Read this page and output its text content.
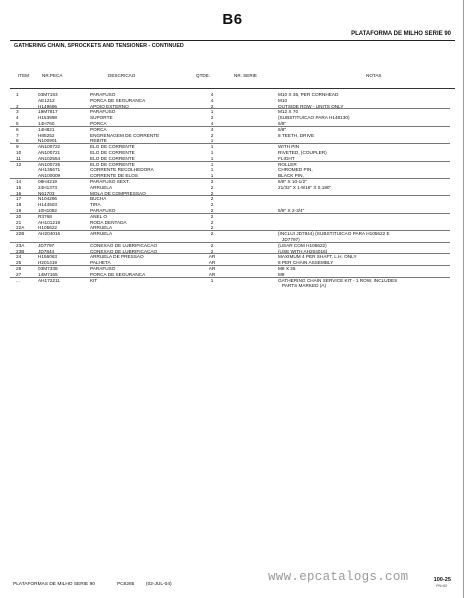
B6
PLATAFORMA DE MILHO SERIE 90
GATHERING CHAIN, SPROCKETS AND TENSIONER - CONTINUED
ITEM	NR.PECA	DESCRICAO	QTDE.	NR. SERIE	NOTAS
1	03M7193	PARAFUSO	4	M10 X 35, PER CORNHEAD
AE1212	PORCA DE SEGURANCA	4	M10
2	H149696	APOIO EXTERNO	2	OUTSIDE ROW - UNITS ONLY
3	19M7817	PARAFUSO	1	M12 X 70
4	H153898	SUPORTE	2	(SUBSTITUICAO PARA H148130)
5	14H760	PORCA	4	5/8"
6	14H821	PORCA	4	5/8"
7	H85252	ENGRENAGEM DE CORRENTE	2	8 TEETH, DRIVE
8	N100901	REBITE	1
9	AN100722	ELO DE CORRENTE	1	WITH PIN
10	AN100721	ELO DE CORRENTE	1	RIVETED, (COUPLER)
11	AN102554	ELO DE CORRENTE	1	FLIGHT
12	AN100725	ELO DE CORRENTE	1	ROLLER
AH136671	CORRENTE RECOLHEDORA	1	CHROMED PIN,
AN100009	CORRENTE DE ELOS	1	BLACK PIN,
14	08H4219	PARAFUSO SEXT.	2	5/8" X 10-1/2"
15	24H1373	ARRUELA	2	21/32" X 1-9/16" X 0.180"
16	N61703	MOLA DE COMPRESSAO	2
17	N104296	BUCHA	2
18	H144503	TIRA	2
19	10H1082	PARAFUSO	2	5/8" X 2-3/4"
20	R3768	ANEL O	2
21	AH101219	RODA DENTADA	2
22A	H105622	ARRUELA	2
22B	AH204016	ARRUELA	2	(INCLUI JD7844) (SUBSTITUICAO PARA H105622 E
JD7797)
23A	JD7797	CONEXAO DE LUBRIFICACAO	2	(USAR COM H105622)
23B	JD7844	CONEXAO DE LUBRIFICACAO	2	(USE WITH AH204016)
24	H156063	ARRUELA DE PRESSAO	AR	MAXIMUM 4 PER SHAFT, L.H. ONLY
25	H201419	PALHETA	AR	8 PER CHAIN ASSEMBLY
26	03M7338	PARAFUSO	AR	M8 X 25
27	14M7165	PORCA DE SEGURANCA	AR	M8
...	AH172211	KIT	1	GATHERING CHAIN SERVICE KIT - 1 ROW, INCLUDES
PARTS MARKED (A)
PLATAFORMAS DE MILHO SERIE 90	PC6285 (02-JUL-04)
www.epcatalogs.com	100-25
PN=63
